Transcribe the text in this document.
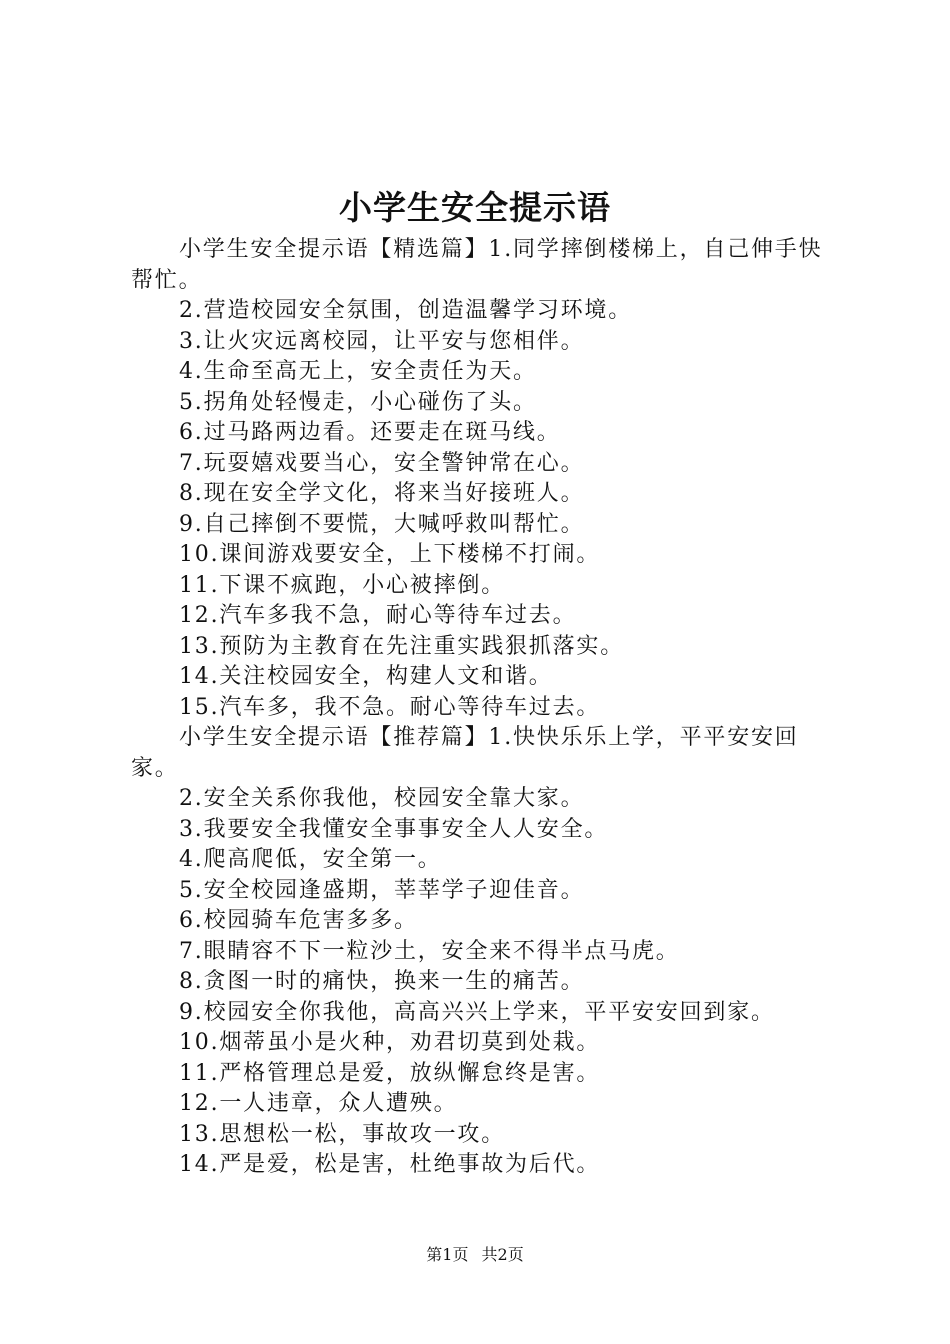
小学生安全提示语

小学生安全提示语【精选篇】1.同学摔倒楼梯上，自己伸手快帮忙。

2.营造校园安全氛围，创造温馨学习环境。

3.让火灾远离校园，让平安与您相伴。

4.生命至高无上，安全责任为天。

5.拐角处轻慢走，小心碰伤了头。

6.过马路两边看。还要走在斑马线。

7.玩耍嬉戏要当心，安全警钟常在心。

8.现在安全学文化，将来当好接班人。

9.自己摔倒不要慌，大喊呼救叫帮忙。

10.课间游戏要安全，上下楼梯不打闹。

11.下课不疯跑，小心被摔倒。

12.汽车多我不急，耐心等待车过去。

13.预防为主教育在先注重实践狠抓落实。

14.关注校园安全，构建人文和谐。

15.汽车多，我不急。耐心等待车过去。

小学生安全提示语【推荐篇】1.快快乐乐上学，平平安安回家。

2.安全关系你我他，校园安全靠大家。

3.我要安全我懂安全事事安全人人安全。

4.爬高爬低，安全第一。

5.安全校园逢盛期，莘莘学子迎佳音。

6.校园骑车危害多多。

7.眼睛容不下一粒沙土，安全来不得半点马虎。

8.贪图一时的痛快，换来一生的痛苦。

9.校园安全你我他，高高兴兴上学来，平平安安回到家。

10.烟蒂虽小是火种，劝君切莫到处栽。

11.严格管理总是爱，放纵懈怠终是害。

12.一人违章，众人遭殃。

13.思想松一松，事故攻一攻。

14.严是爱，松是害，杜绝事故为后代。

第1页 共2页
